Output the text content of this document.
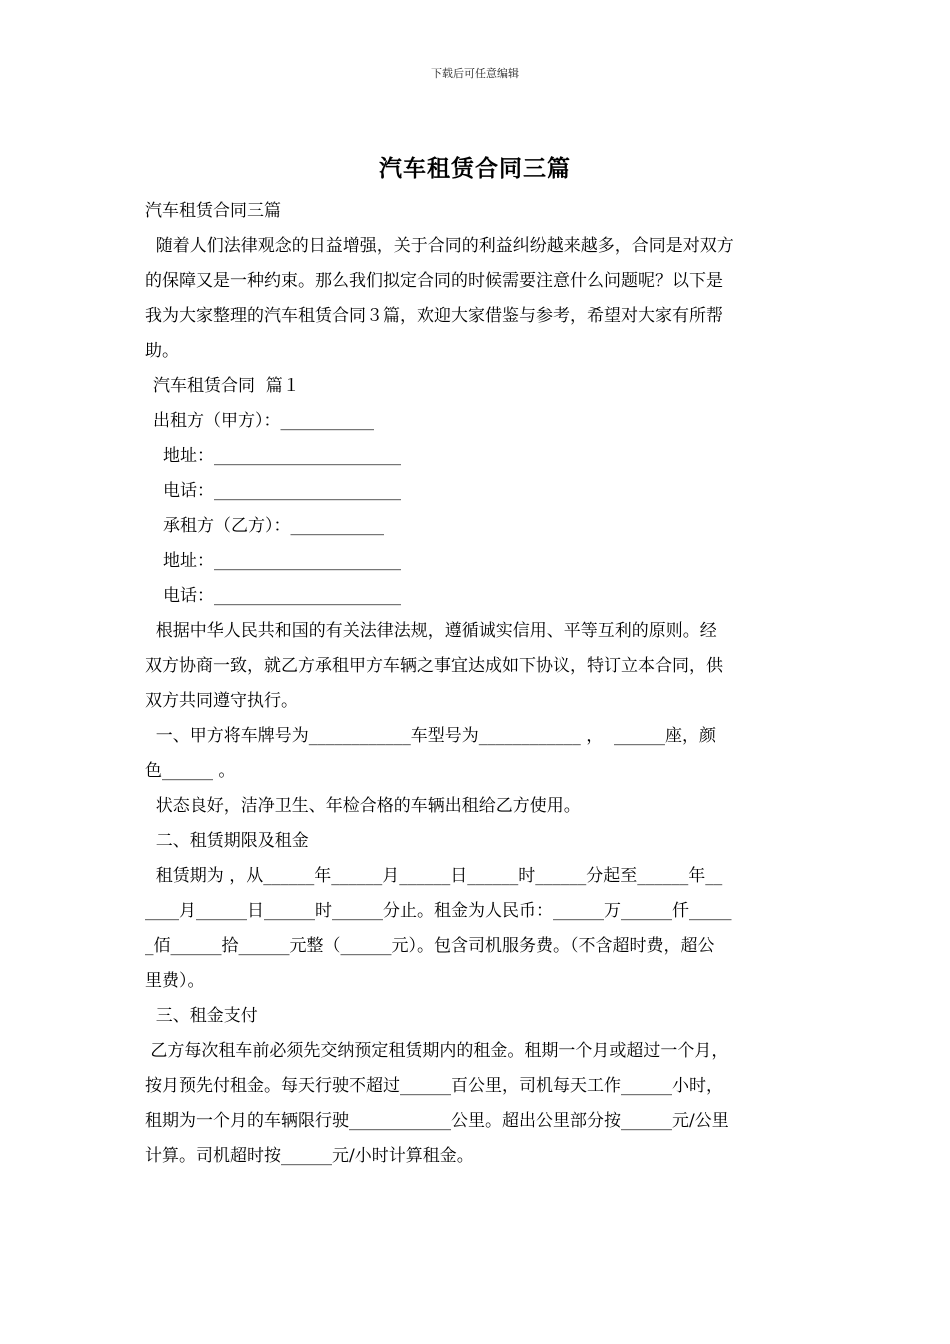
下载后可任意编辑
汽车租赁合同三篇
汽车租赁合同三篇
随着人们法律观念的日益增强，关于合同的利益纠纷越来越多，合同是对双方
的保障又是一种约束。那么我们拟定合同的时候需要注意什么问题呢？以下是
我为大家整理的汽车租赁合同３篇，欢迎大家借鉴与参考，希望对大家有所帮
助。
汽车租赁合同  篇１
出租方（甲方）：___________
地址：______________________
电话：______________________
承租方（乙方）：___________
地址：______________________
电话：______________________
根据中华人民共和国的有关法律法规，遵循诚实信用、平等互利的原则。经
双方协商一致，就乙方承租甲方车辆之事宜达成如下协议，特订立本合同，供
双方共同遵守执行。
一、甲方将车牌号为____________车型号为____________ ，  ______座，颜
色______ 。
状态良好，洁净卫生、年检合格的车辆出租给乙方使用。
二、租赁期限及租金
租赁期为 ，从______年______月______日______时______分起至______年__
____月______日______时______分止。租金为人民币：______万______仟_____
_佰______拾______元整（______元）。包含司机服务费。（不含超时费，超公
里费）。
三、租金支付
乙方每次租车前必须先交纳预定租赁期内的租金。租期一个月或超过一个月，
按月预先付租金。每天行驶不超过______百公里，司机每天工作______小时，
租期为一个月的车辆限行驶____________公里。超出公里部分按______元/公里
计算。司机超时按______元/小时计算租金。
